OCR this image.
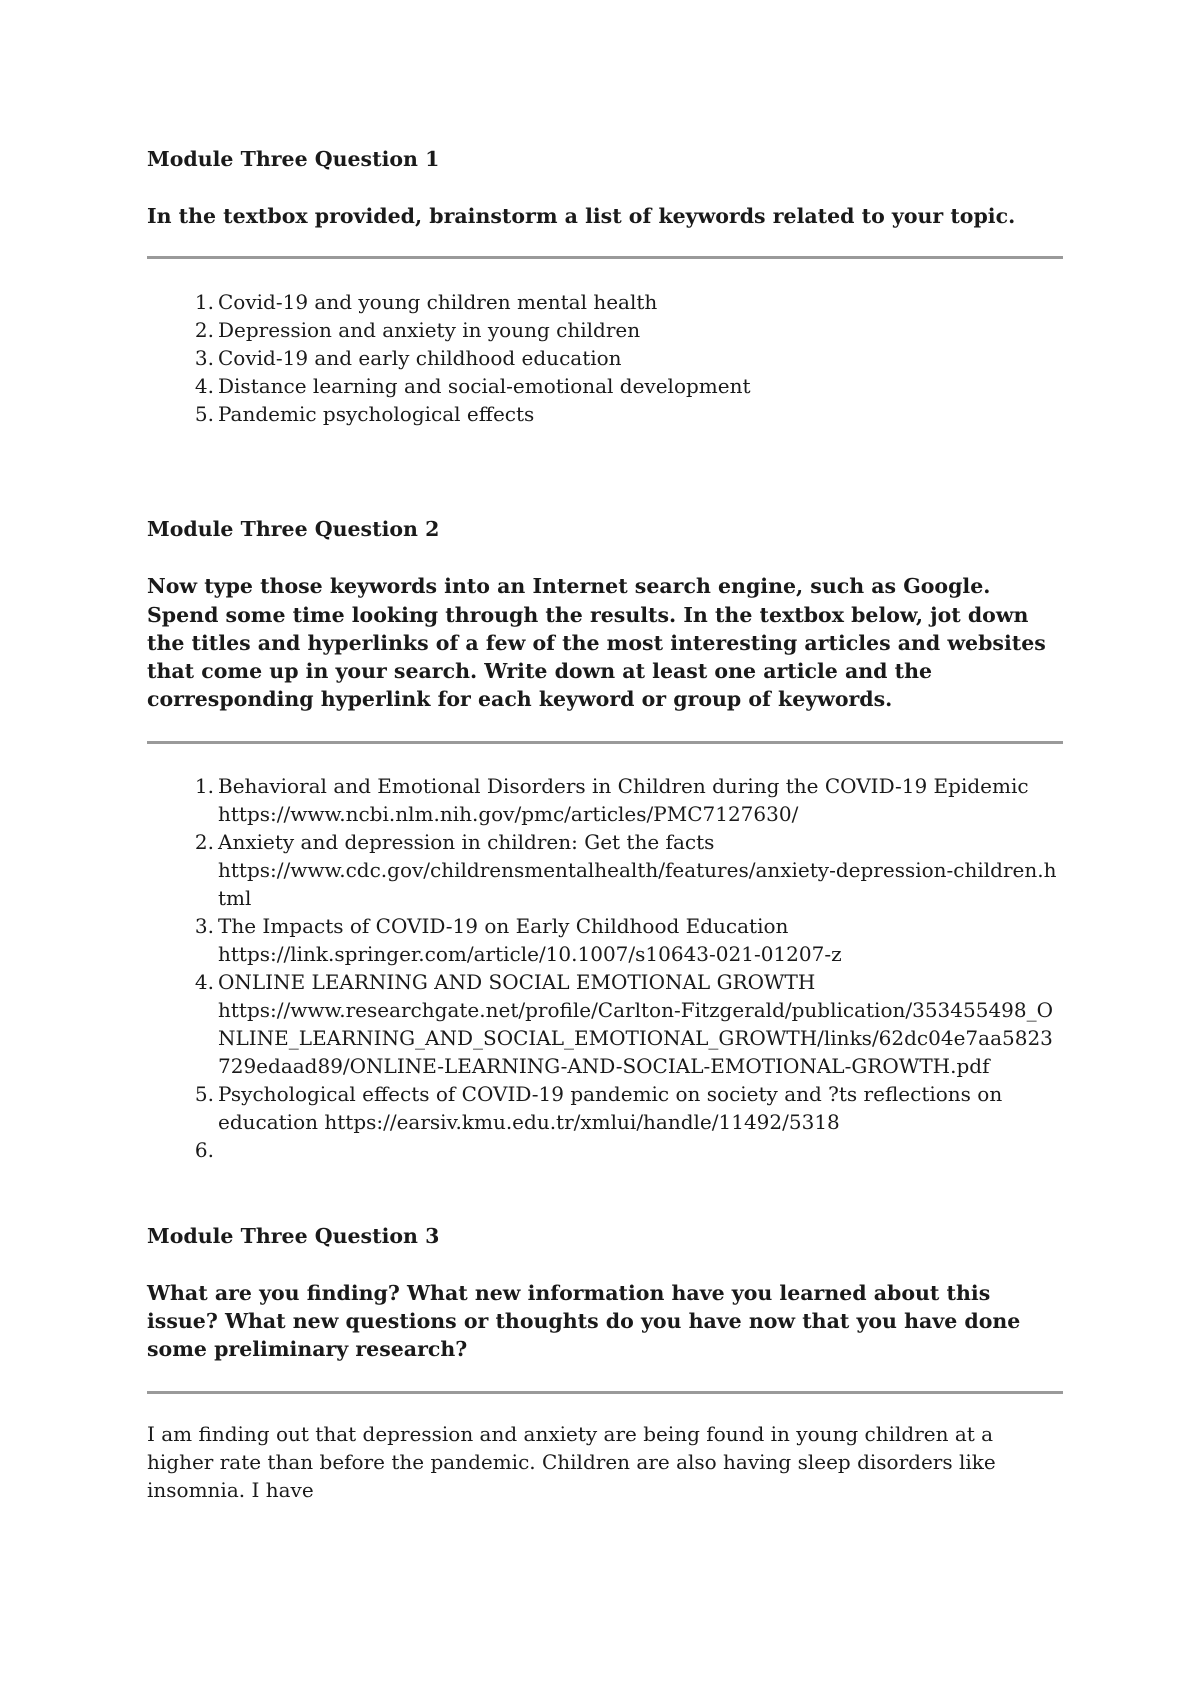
Module Three Question 1

In the textbox provided, brainstorm a list of keywords related to your topic.

1. Covid-19 and young children mental health
2. Depression and anxiety in young children
3. Covid-19 and early childhood education
4. Distance learning and social-emotional development
5. Pandemic psychological effects

Module Three Question 2

Now type those keywords into an Internet search engine, such as Google. Spend some time looking through the results. In the textbox below, jot down the titles and hyperlinks of a few of the most interesting articles and websites that come up in your search. Write down at least one article and the corresponding hyperlink for each keyword or group of keywords.

1. Behavioral and Emotional Disorders in Children during the COVID-19 Epidemic
https://www.ncbi.nlm.nih.gov/pmc/articles/PMC7127630/
2. Anxiety and depression in children: Get the facts
https://www.cdc.gov/childrensmentalhealth/features/anxiety-depression-children.html
3. The Impacts of COVID-19 on Early Childhood Education
https://link.springer.com/article/10.1007/s10643-021-01207-z
4. ONLINE LEARNING AND SOCIAL EMOTIONAL GROWTH
https://www.researchgate.net/profile/Carlton-Fitzgerald/publication/353455498_ONLINE_LEARNING_AND_SOCIAL_EMOTIONAL_GROWTH/links/62dc04e7aa5823729edaad89/ONLINE-LEARNING-AND-SOCIAL-EMOTIONAL-GROWTH.pdf
5. Psychological effects of COVID-19 pandemic on society and ?ts reflections on education https://earsiv.kmu.edu.tr/xmlui/handle/11492/5318
6.

Module Three Question 3

What are you finding? What new information have you learned about this issue? What new questions or thoughts do you have now that you have done some preliminary research?

I am finding out that depression and anxiety are being found in young children at a higher rate than before the pandemic. Children are also having sleep disorders like insomnia. I have
